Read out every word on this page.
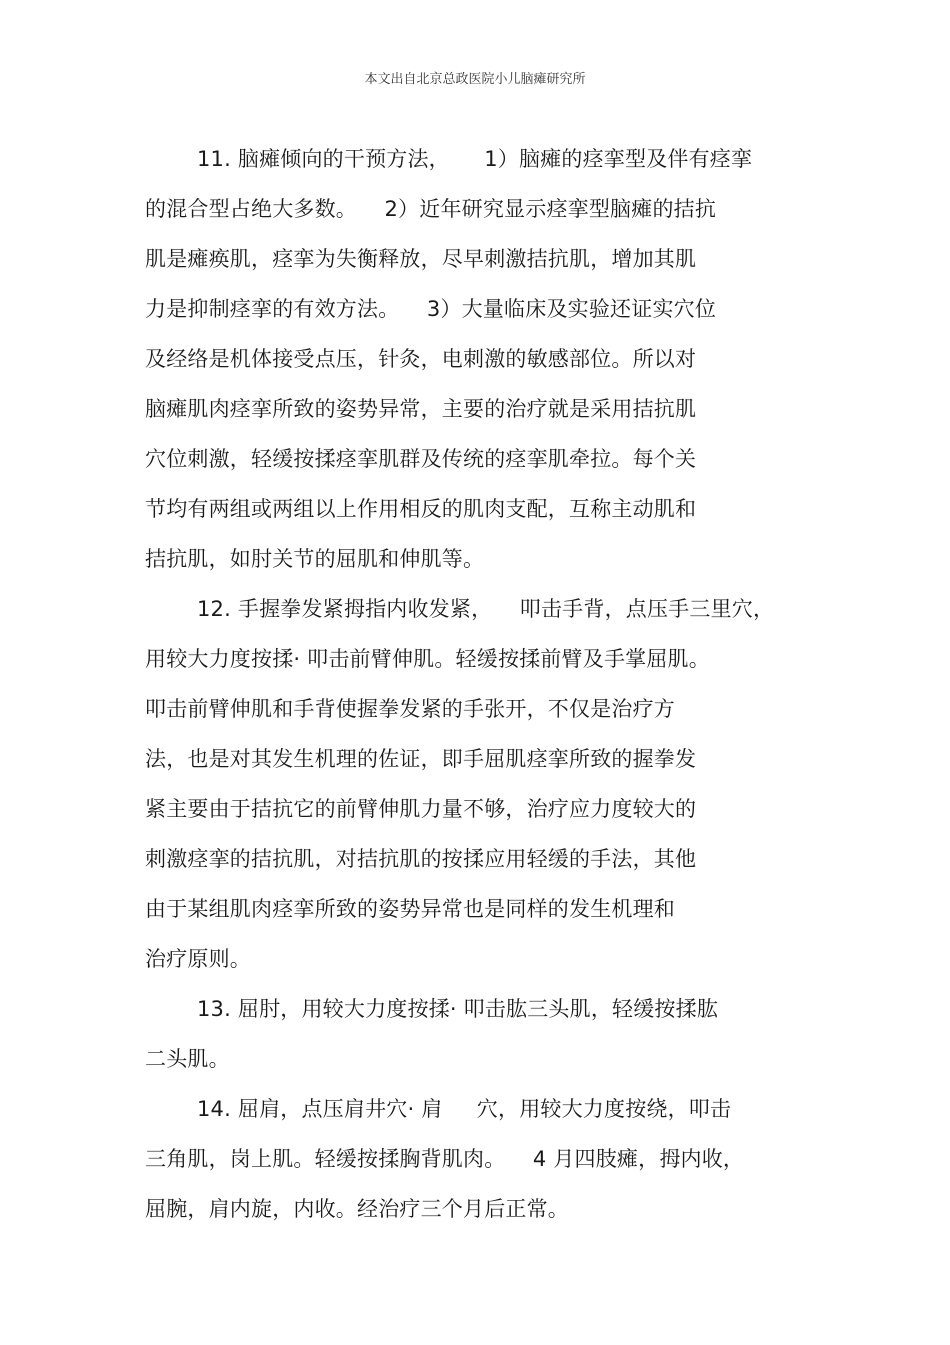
本文出自北京总政医院小儿脑瘫研究所
11. 脑瘫倾向的干预方法，     1）脑瘫的痉挛型及伴有痉挛
的混合型占绝大多数。    2）近年研究显示痉挛型脑瘫的拮抗
肌是瘫痪肌，痉挛为失衡释放，尽早刺激拮抗肌，增加其肌
力是抑制痉挛的有效方法。    3）大量临床及实验还证实穴位
及经络是机体接受点压，针灸，电刺激的敏感部位。所以对
脑瘫肌肉痉挛所致的姿势异常，主要的治疗就是采用拮抗肌
穴位刺激，轻缓按揉痉挛肌群及传统的痉挛肌牵拉。每个关
节均有两组或两组以上作用相反的肌肉支配，互称主动肌和
拮抗肌，如肘关节的屈肌和伸肌等。
12. 手握拳发紧拇指内收发紧，    叩击手背，点压手三里穴，
用较大力度按揉· 叩击前臂伸肌。轻缓按揉前臂及手掌屈肌。
叩击前臂伸肌和手背使握拳发紧的手张开，不仅是治疗方
法，也是对其发生机理的佐证，即手屈肌痉挛所致的握拳发
紧主要由于拮抗它的前臂伸肌力量不够，治疗应力度较大的
刺激痉挛的拮抗肌，对拮抗肌的按揉应用轻缓的手法，其他
由于某组肌肉痉挛所致的姿势异常也是同样的发生机理和
治疗原则。
13. 屈肘，用较大力度按揉· 叩击肱三头肌，轻缓按揉肱
二头肌。
14. 屈肩，点压肩井穴· 肩     穴，用较大力度按绕，叩击
三角肌，岗上肌。轻缓按揉胸背肌肉。    4 月四肢瘫，拇内收，
屈腕，肩内旋，内收。经治疗三个月后正常。
